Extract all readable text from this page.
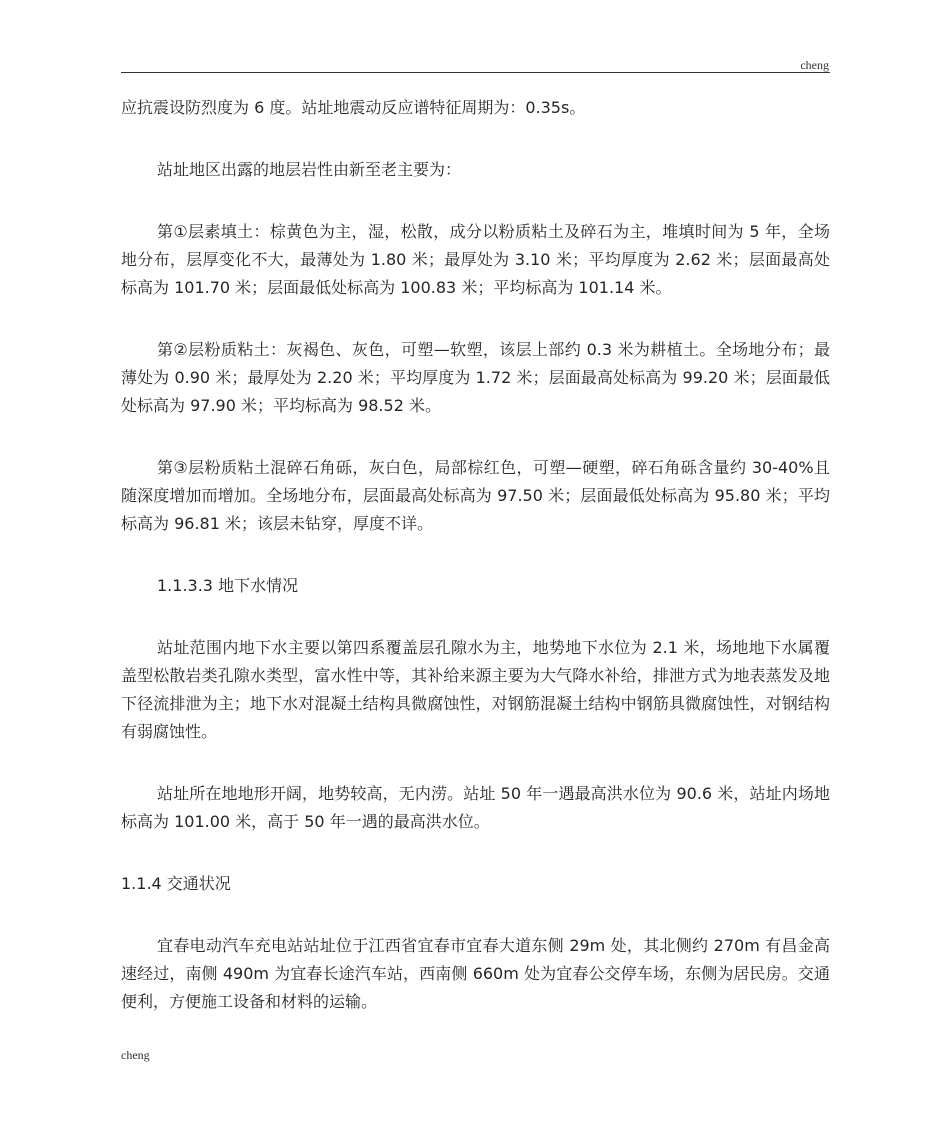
cheng

应抗震设防烈度为 6 度。站址地震动反应谱特征周期为：0.35s。

站址地区出露的地层岩性由新至老主要为：

第①层素填土：棕黄色为主，湿，松散，成分以粉质粘土及碎石为主，堆填时间为 5 年，全场地分布，层厚变化不大，最薄处为 1.80 米；最厚处为 3.10 米；平均厚度为 2.62 米；层面最高处标高为 101.70 米；层面最低处标高为 100.83 米；平均标高为 101.14 米。

第②层粉质粘土：灰褐色、灰色，可塑—软塑，该层上部约 0.3 米为耕植土。全场地分布；最薄处为 0.90 米；最厚处为 2.20 米；平均厚度为 1.72 米；层面最高处标高为 99.20 米；层面最低处标高为 97.90 米；平均标高为 98.52 米。

第③层粉质粘土混碎石角砾，灰白色，局部棕红色，可塑—硬塑，碎石角砾含量约 30-40%且随深度增加而增加。全场地分布，层面最高处标高为 97.50 米；层面最低处标高为 95.80 米；平均标高为 96.81 米；该层未钻穿，厚度不详。

1.1.3.3 地下水情况

站址范围内地下水主要以第四系覆盖层孔隙水为主，地势地下水位为 2.1 米，场地地下水属覆盖型松散岩类孔隙水类型，富水性中等，其补给来源主要为大气降水补给，排泄方式为地表蒸发及地下径流排泄为主；地下水对混凝土结构具微腐蚀性，对钢筋混凝土结构中钢筋具微腐蚀性，对钢结构有弱腐蚀性。

站址所在地地形开阔，地势较高，无内涝。站址 50 年一遇最高洪水位为 90.6 米，站址内场地标高为 101.00 米，高于 50 年一遇的最高洪水位。

1.1.4 交通状况

宜春电动汽车充电站站址位于江西省宜春市宜春大道东侧 29m 处，其北侧约 270m 有昌金高速经过，南侧 490m 为宜春长途汽车站，西南侧 660m 处为宜春公交停车场，东侧为居民房。交通便利，方便施工设备和材料的运输。

cheng
